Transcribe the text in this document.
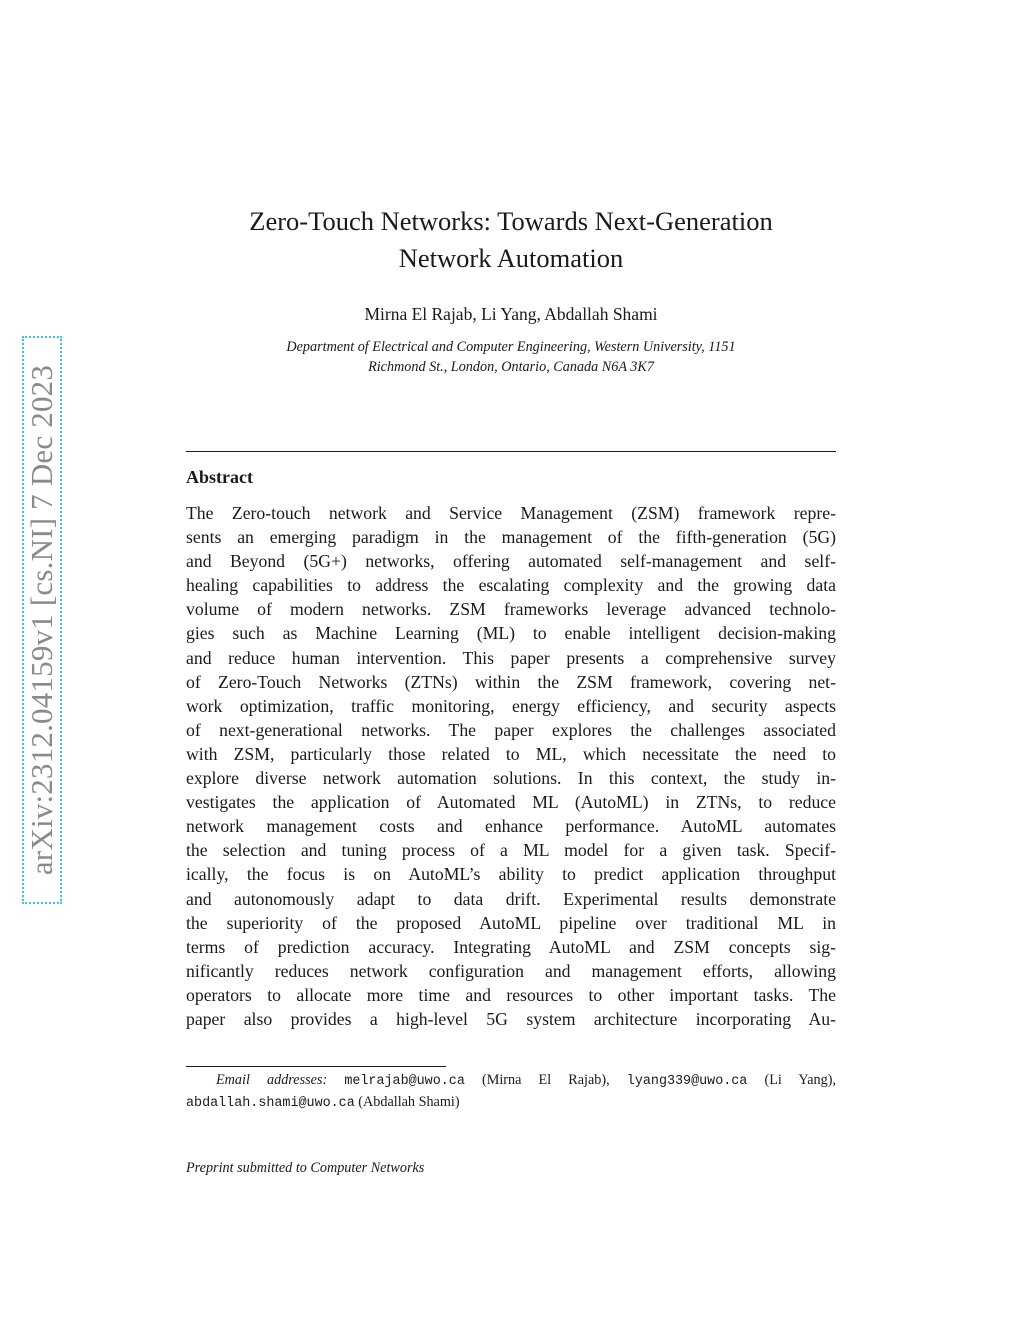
arXiv:2312.04159v1 [cs.NI] 7 Dec 2023
Zero-Touch Networks: Towards Next-Generation
Network Automation
Mirna El Rajab, Li Yang, Abdallah Shami
Department of Electrical and Computer Engineering, Western University, 1151
Richmond St., London, Ontario, Canada N6A 3K7
Abstract
The Zero-touch network and Service Management (ZSM) framework repre-
sents an emerging paradigm in the management of the fifth-generation (5G)
and Beyond (5G+) networks, offering automated self-management and self-
healing capabilities to address the escalating complexity and the growing data
volume of modern networks. ZSM frameworks leverage advanced technolo-
gies such as Machine Learning (ML) to enable intelligent decision-making
and reduce human intervention. This paper presents a comprehensive survey
of Zero-Touch Networks (ZTNs) within the ZSM framework, covering net-
work optimization, traffic monitoring, energy efficiency, and security aspects
of next-generational networks. The paper explores the challenges associated
with ZSM, particularly those related to ML, which necessitate the need to
explore diverse network automation solutions. In this context, the study in-
vestigates the application of Automated ML (AutoML) in ZTNs, to reduce
network management costs and enhance performance. AutoML automates
the selection and tuning process of a ML model for a given task. Specif-
ically, the focus is on AutoML’s ability to predict application throughput
and autonomously adapt to data drift. Experimental results demonstrate
the superiority of the proposed AutoML pipeline over traditional ML in
terms of prediction accuracy. Integrating AutoML and ZSM concepts sig-
nificantly reduces network configuration and management efforts, allowing
operators to allocate more time and resources to other important tasks. The
paper also provides a high-level 5G system architecture incorporating Au-
Email addresses: melrajab@uwo.ca (Mirna El Rajab), lyang339@uwo.ca (Li Yang),
abdallah.shami@uwo.ca (Abdallah Shami)
Preprint submitted to Computer Networks
